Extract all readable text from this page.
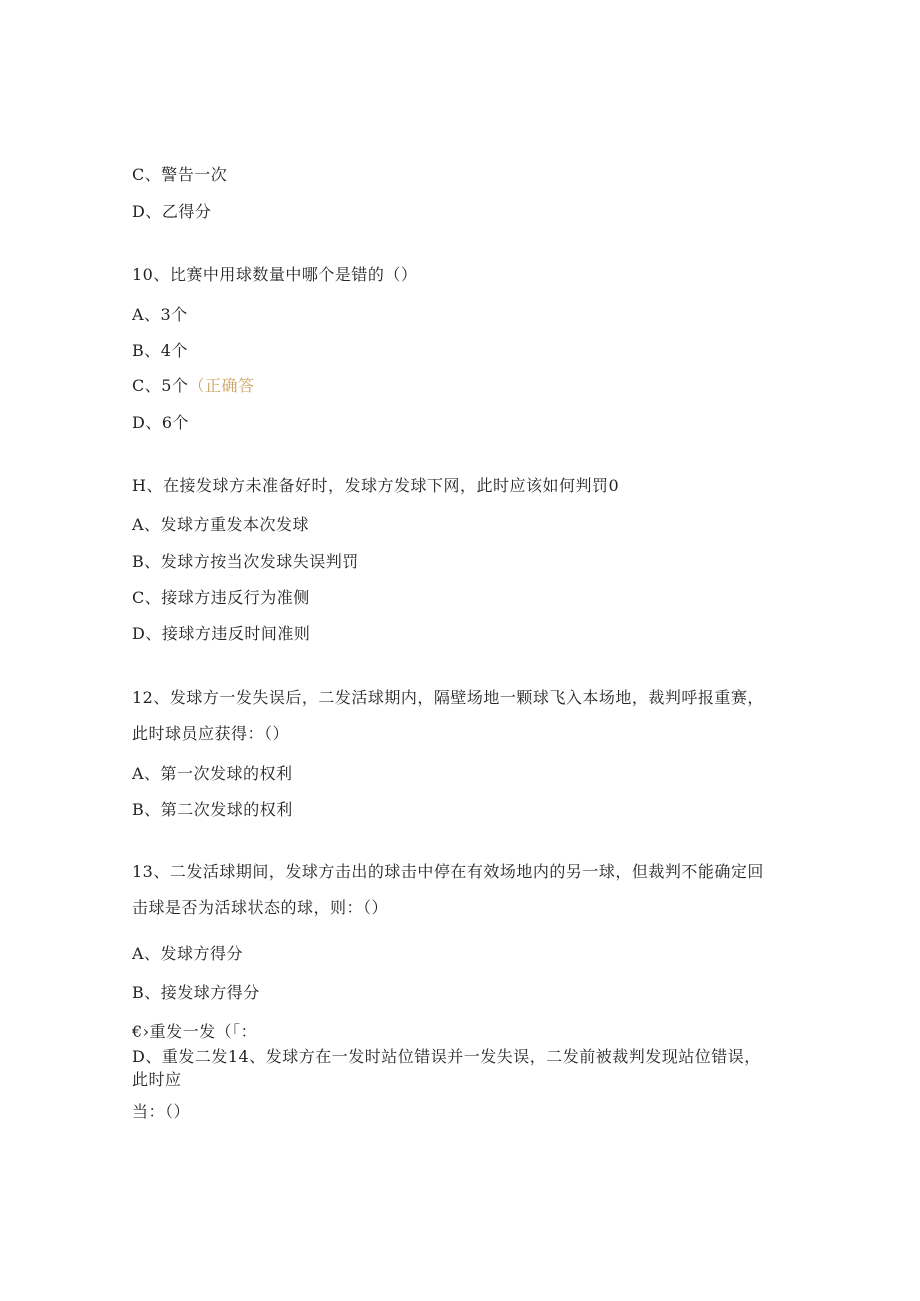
C、警告一次
D、乙得分
10、比赛中用球数量中哪个是错的（）
A、3个
B、4个
C、5个（正确答
D、6个
H、在接发球方未准备好时，发球方发球下网，此时应该如何判罚0
A、发球方重发本次发球
B、发球方按当次发球失误判罚
C、接球方违反行为准侧
D、接球方违反时间准则
12、发球方一发失误后，二发活球期内，隔壁场地一颗球飞入本场地，裁判呼报重赛，
此时球员应获得：（）
A、第一次发球的权利
B、第二次发球的权利
13、二发活球期间，发球方击出的球击中停在有效场地内的另一球，但裁判不能确定回
击球是否为活球状态的球，则：（）
A、发球方得分
B、接发球方得分
€›重发一发（「：
D、重发二发14、发球方在一发时站位错误并一发失误，二发前被裁判发现站位错误，
此时应
当：（）
